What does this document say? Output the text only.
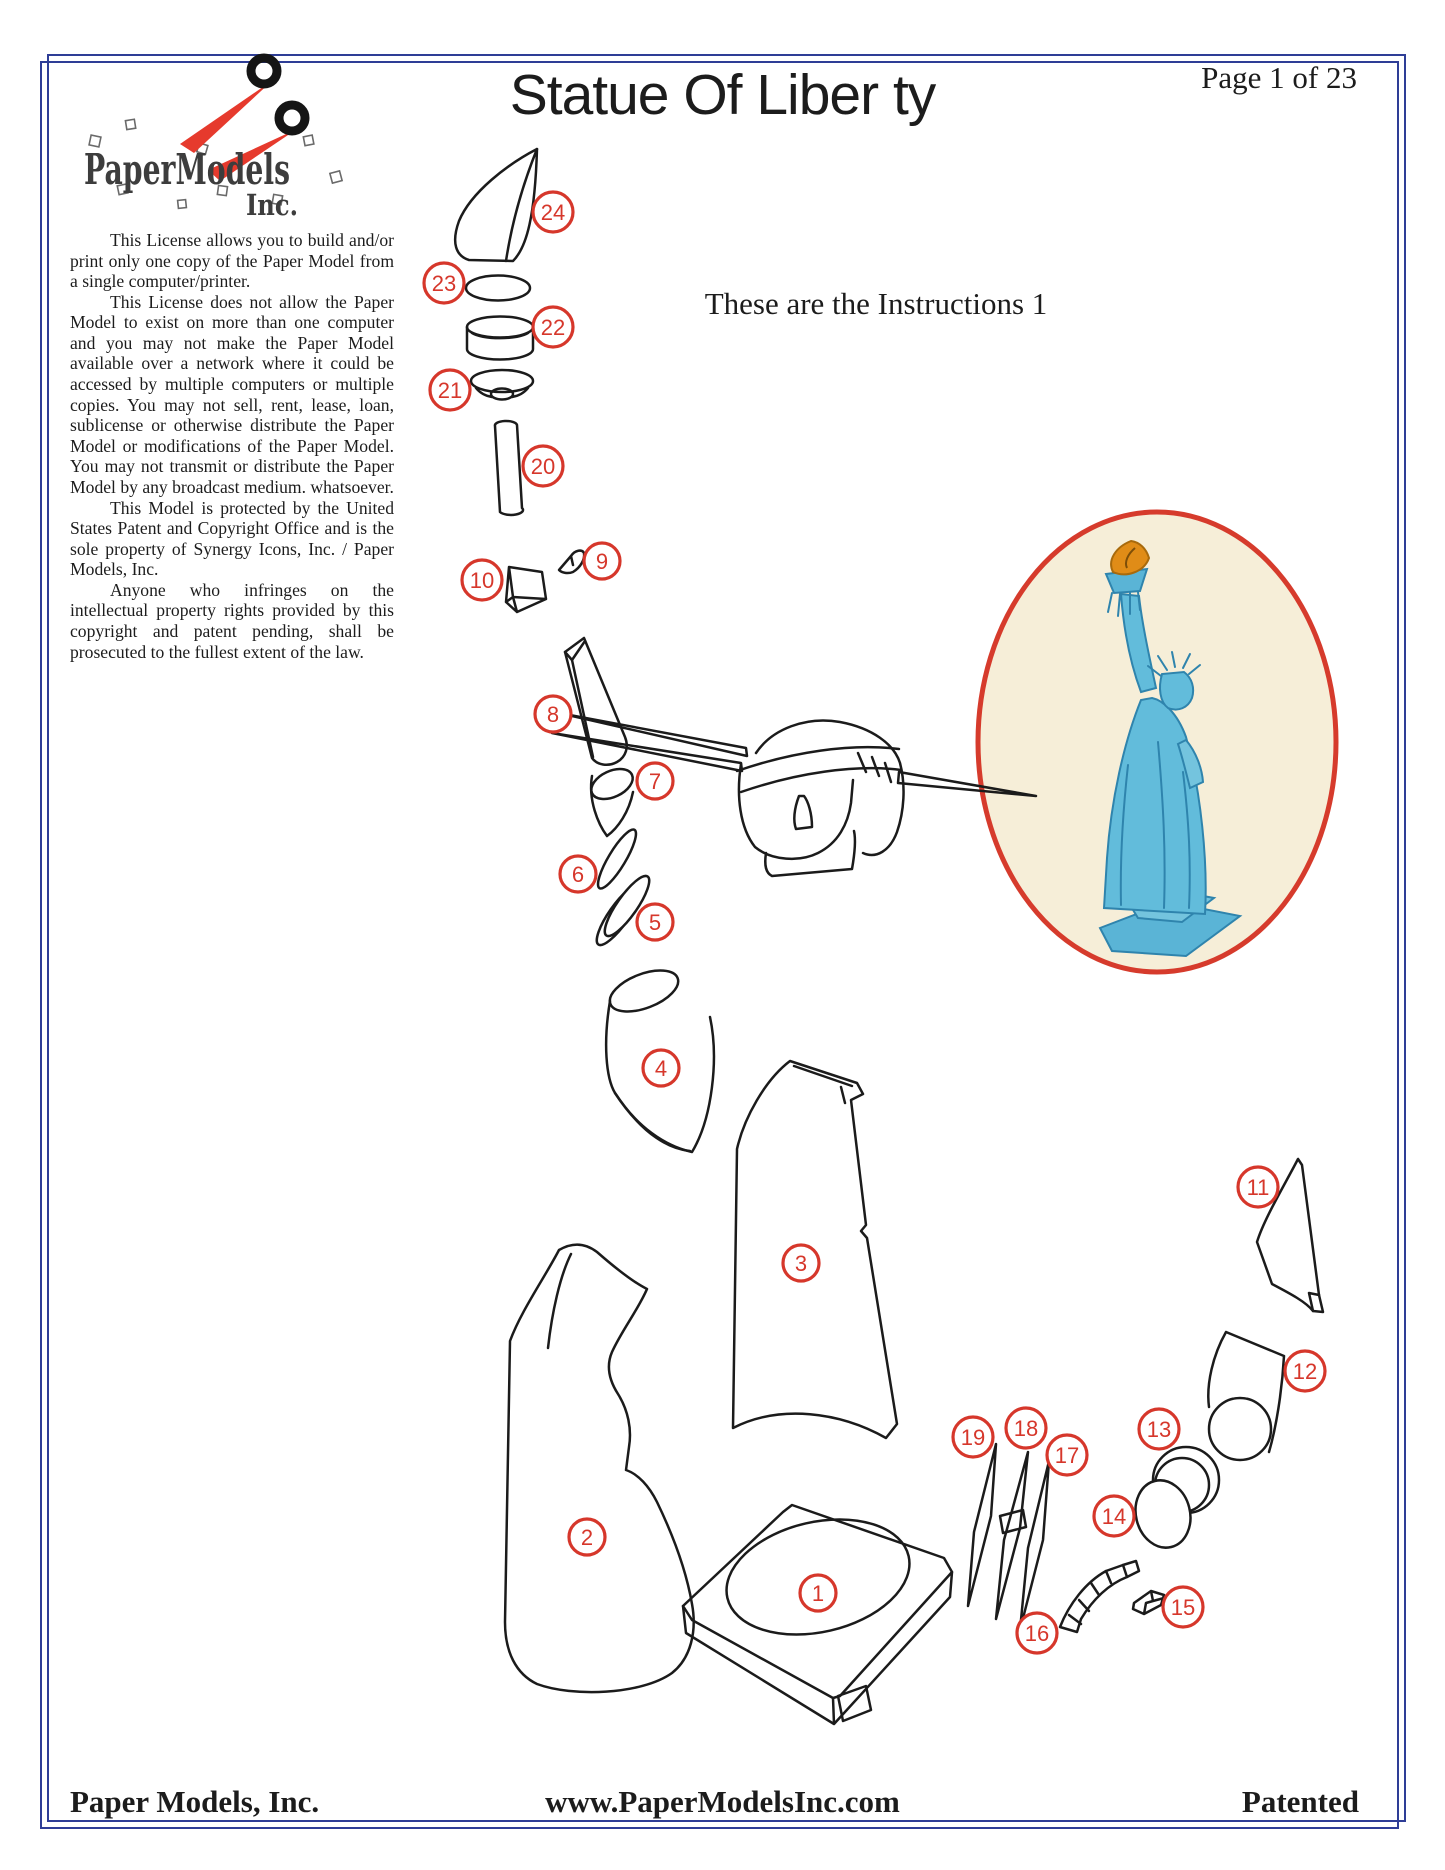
PaperModels
Inc.
Statue Of Liber ty	Page 1 of 23

This License allows you to build and/or print only one copy of the Paper Model from a single computer/printer.

This License does not allow the Paper Model to exist on more than one computer and you may not make the Paper Model available over a network where it could be accessed by multiple computers or multiple copies. You may not sell, rent, lease, loan, sublicense or otherwise distribute the Paper Model or modifications of the Paper Model. You may not transmit or distribute the Paper Model by any broadcast medium. whatsoever.

This Model is protected by the United States Patent and Copyright Office and is the sole property of Synergy Icons, Inc. / Paper Models, Inc.

Anyone who infringes on the intellectual property rights provided by this copyright and patent pending, shall be prosecuted to the fullest extent of the law.

These are the Instructions 1
24
23
22
21
20
10
9
8
7
6
5
4
3
2
1
11
12
13
14
15
16
17
18
19
Paper Models, Inc.	www.PaperModelsInc.com	Patented
